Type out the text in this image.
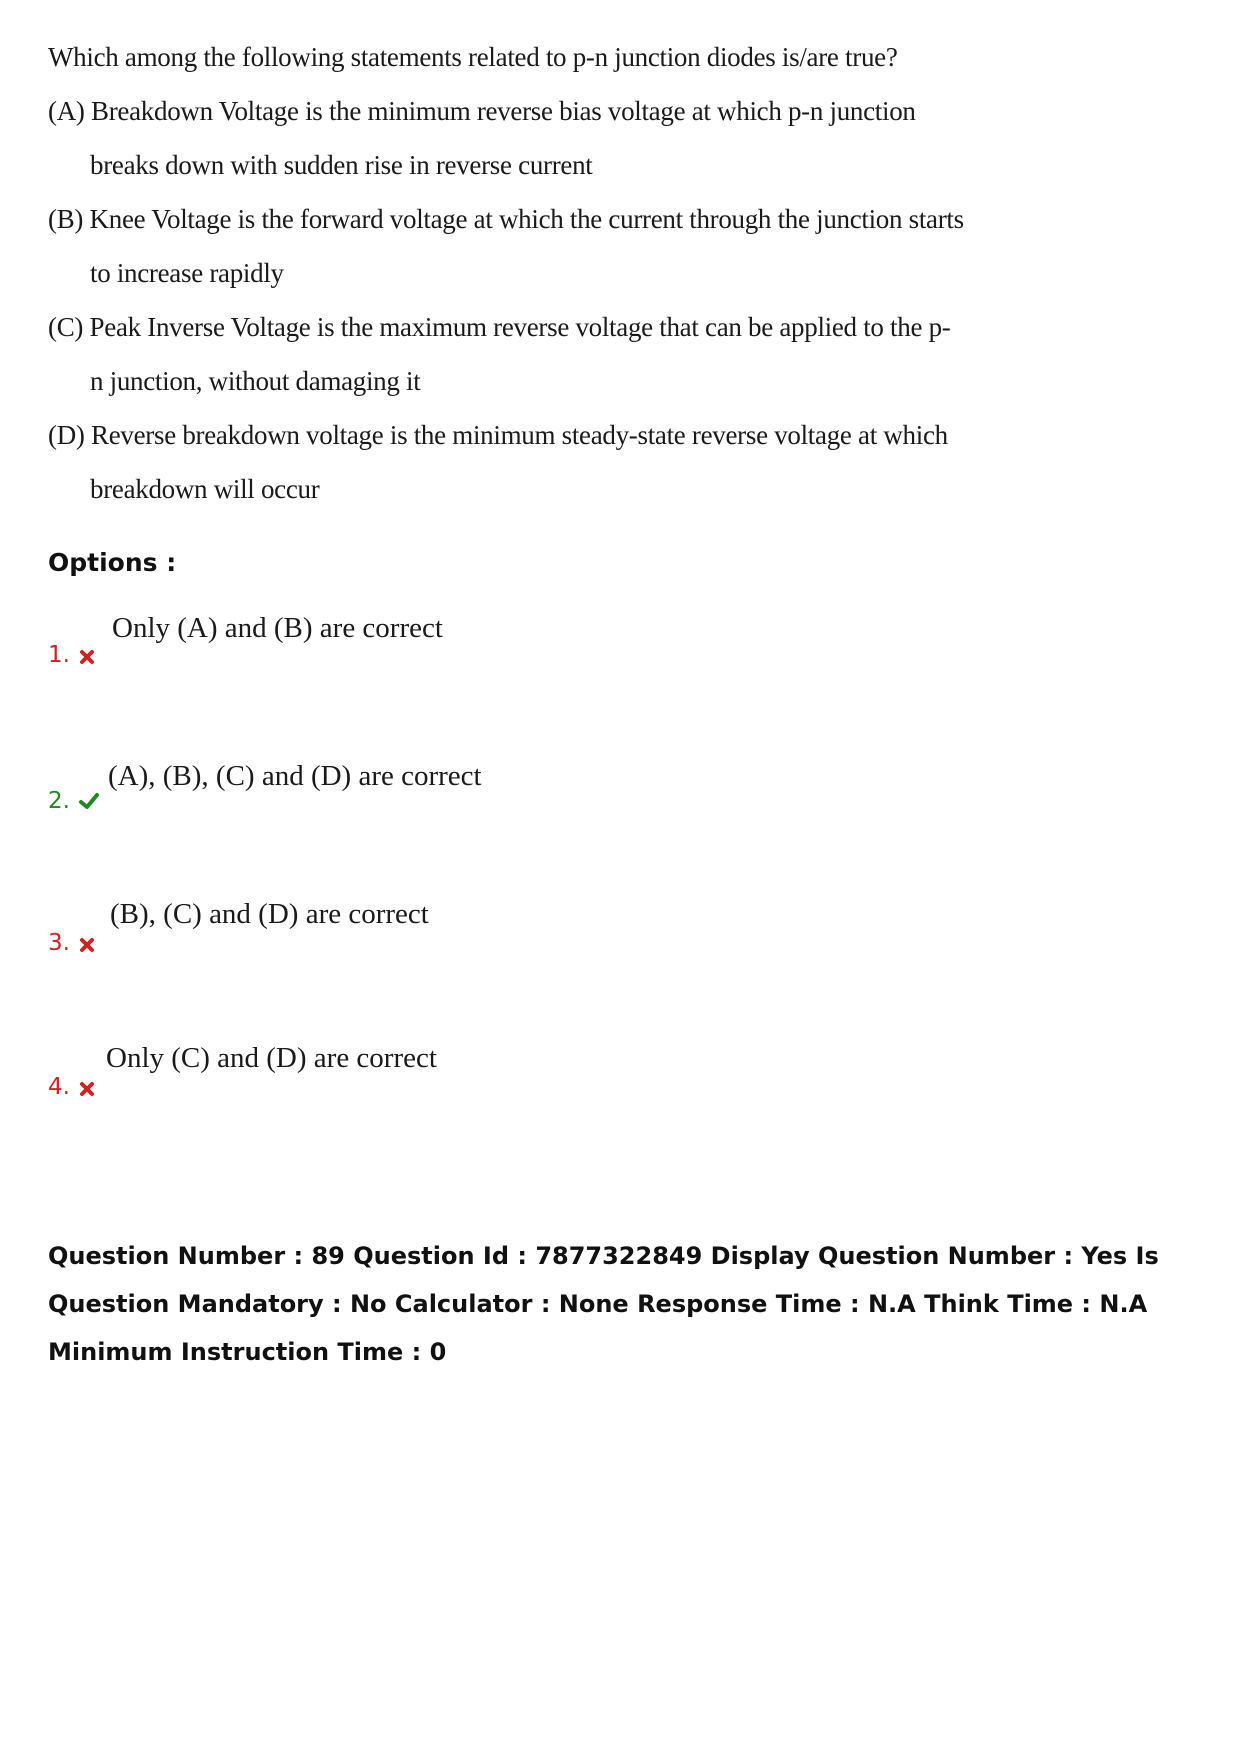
Which among the following statements related to p-n junction diodes is/are true?
(A) Breakdown Voltage is the minimum reverse bias voltage at which p-n junction
breaks down with sudden rise in reverse current
(B) Knee Voltage is the forward voltage at which the current through the junction starts
to increase rapidly
(C) Peak Inverse Voltage is the maximum reverse voltage that can be applied to the p-
n junction, without damaging it
(D) Reverse breakdown voltage is the minimum steady-state reverse voltage at which
breakdown will occur
Options :
1.
Only (A) and (B) are correct
2.
(A), (B), (C) and (D) are correct
3.
(B), (C) and (D) are correct
4.
Only (C) and (D) are correct
Question Number : 89 Question Id : 7877322849 Display Question Number : Yes Is Question Mandatory : No Calculator : None Response Time : N.A Think Time : N.A Minimum Instruction Time : 0
